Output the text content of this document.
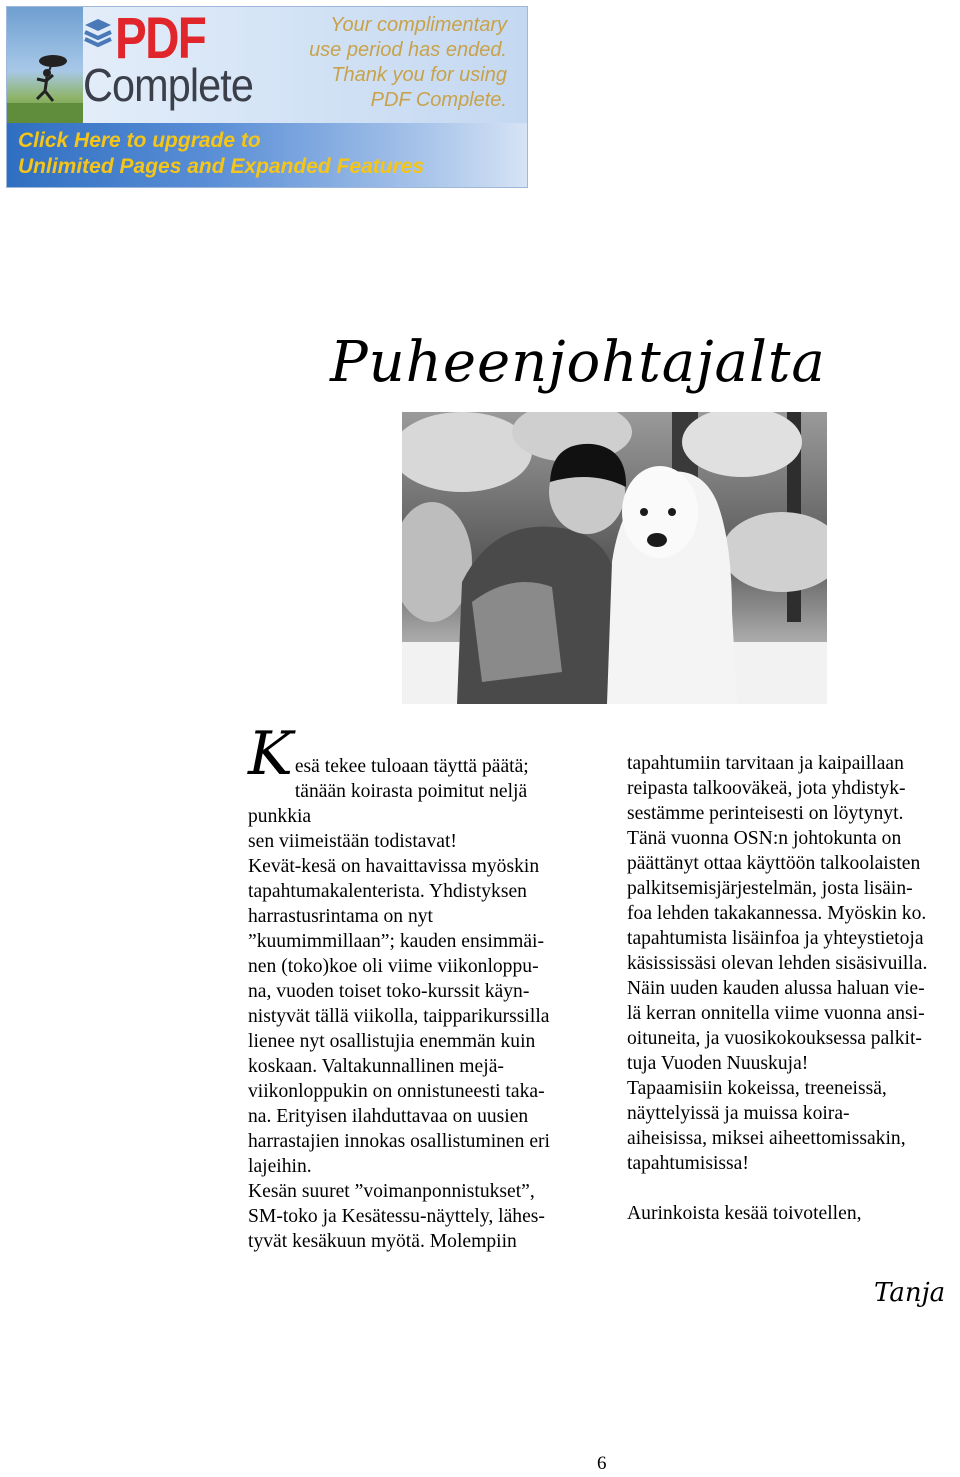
PDF
Complete
Your complimentary
use period has ended.
Thank you for using
PDF Complete.
Click Here to upgrade to
Unlimited Pages and Expanded Features
Puheenjohtajalta
K esä tekee tuloaan täyttä päätä;

tänään koirasta poimitut neljä punkkia

sen viimeistään todistavat!

Kevät-kesä on havaittavissa myöskin

tapahtumakalenterista. Yhdistyksen

harrastusrintama on nyt

”kuumimmillaan”; kauden ensimmäi-

nen (toko)koe oli viime viikonloppu-

na, vuoden toiset toko-kurssit käyn-

nistyvät tällä viikolla, taipparikurssilla

lienee nyt osallistujia enemmän kuin

koskaan. Valtakunnallinen mejä-

viikonloppukin on onnistuneesti taka-

na. Erityisen ilahduttavaa on uusien

harrastajien innokas osallistuminen eri

lajeihin.

Kesän suuret ”voimanponnistukset”,

SM-toko ja Kesätessu-näyttely, lähes-

tyvät kesäkuun myötä. Molempiin

tapahtumiin tarvitaan ja kaipaillaan

reipasta talkooväkeä, jota yhdistyk-

sestämme perinteisesti on löytynyt.

Tänä vuonna OSN:n johtokunta on

päättänyt ottaa käyttöön talkoolaisten

palkitsemisjärjestelmän, josta lisäin-

foa lehden takakannessa. Myöskin ko.

tapahtumista lisäinfoa ja yhteystietoja

käsississäsi olevan lehden sisäsivuilla.

Näin uuden kauden alussa haluan vie-

lä kerran onnitella viime vuonna ansi-

oituneita, ja vuosikokouksessa palkit-

tuja Vuoden Nuuskuja!

Tapaamisiin kokeissa, treeneissä,

näyttelyissä ja muissa koira-

aiheisissa, miksei aiheettomissakin,

tapahtumisissa!

Aurinkoista kesää toivotellen,

Tanja
6
